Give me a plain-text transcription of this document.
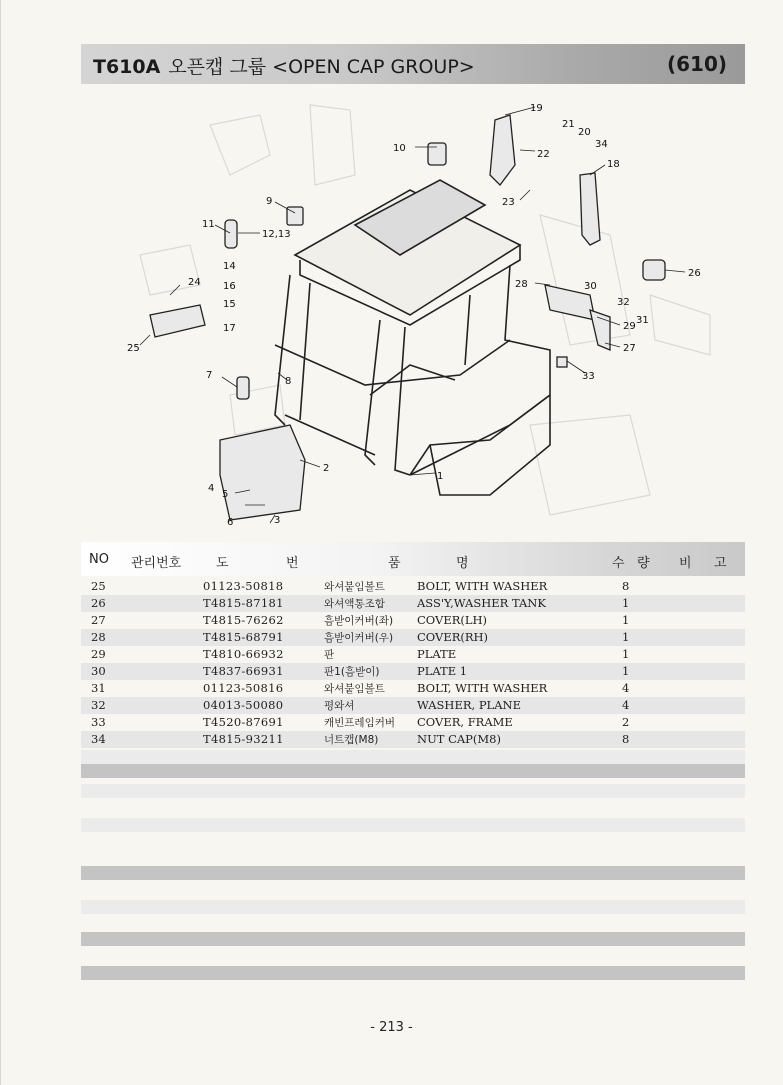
T610A 오픈캡 그룹 <OPEN CAP GROUP>	(610)
1
2
3
4
5
6
7
8
9
10
11
12,13
14
15
16
17
18
19
20
21
22
23
24
25
26
27
28
29
30
31
32
33
34
NO 관리번호	도	번	품	명	수 량 비 고
25	01123-50818	와셔붙임볼트	BOLT, WITH WASHER	8
26	T4815-87181	와셔액통조합	ASS'Y,WASHER TANK	1
27	T4815-76262	흠받이커버(좌) COVER(LH)	1
28	T4815-68791	흠받이커버(우) COVER(RH)	1
29	T4810-66932	판	PLATE	1
30	T4837-66931	판1(흠받이)	PLATE 1	1
31	01123-50816	와셔붙임볼트	BOLT, WITH WASHER	4
32	04013-50080	평와셔	WASHER, PLANE	4
33	T4520-87691	캐빈프레임커버 COVER, FRAME	2
34	T4815-93211	너트캡(M8)	NUT CAP(M8)	8
- 213 -
